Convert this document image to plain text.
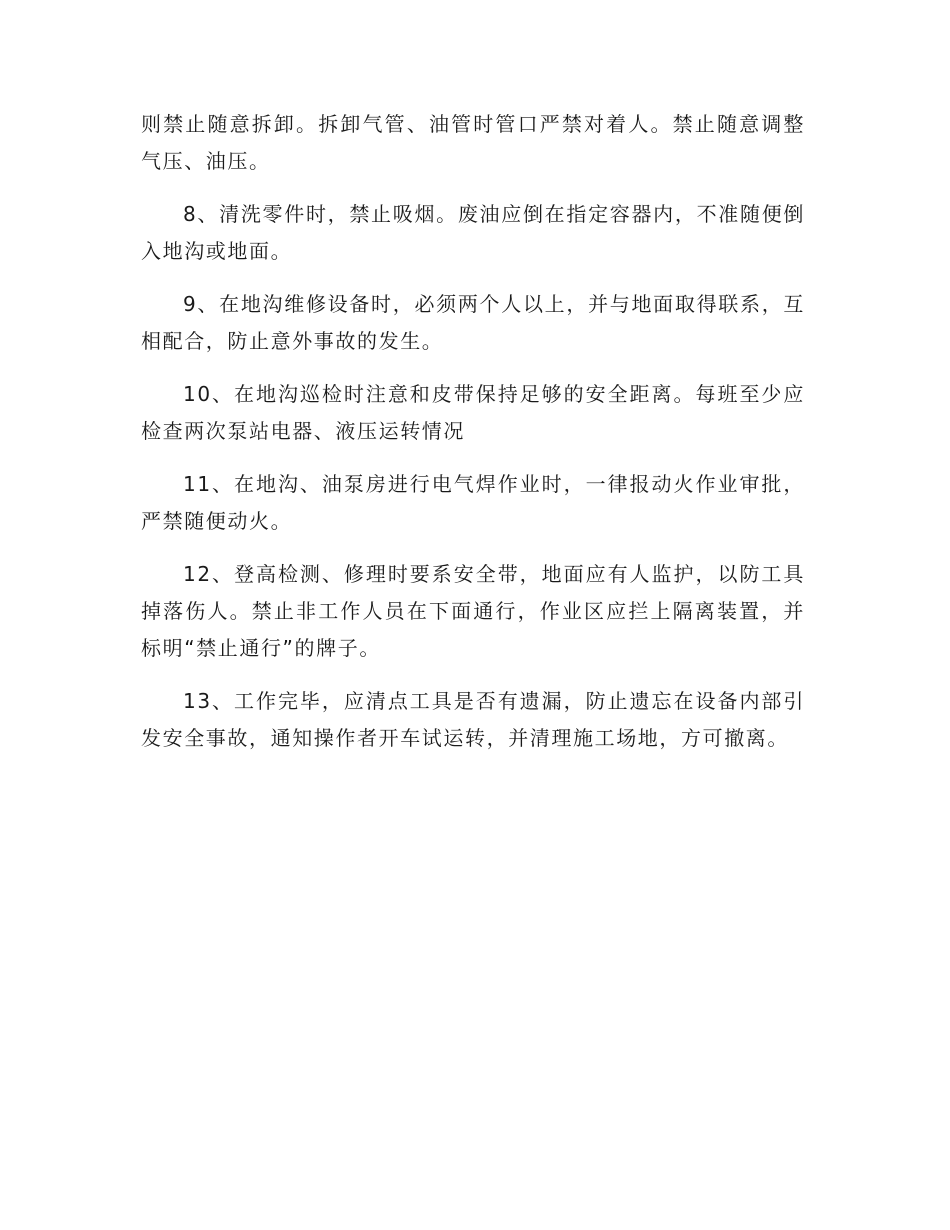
则禁止随意拆卸。拆卸气管、油管时管口严禁对着人。禁止随意调整气压、油压。

8、清洗零件时，禁止吸烟。废油应倒在指定容器内，不准随便倒入地沟或地面。

9、在地沟维修设备时，必须两个人以上，并与地面取得联系，互相配合，防止意外事故的发生。

10、在地沟巡检时注意和皮带保持足够的安全距离。每班至少应检查两次泵站电器、液压运转情况

11、在地沟、油泵房进行电气焊作业时，一律报动火作业审批，严禁随便动火。

12、登高检测、修理时要系安全带，地面应有人监护，以防工具掉落伤人。禁止非工作人员在下面通行，作业区应拦上隔离装置，并标明“禁止通行”的牌子。

13、工作完毕，应清点工具是否有遗漏，防止遗忘在设备内部引发安全事故，通知操作者开车试运转，并清理施工场地，方可撤离。
